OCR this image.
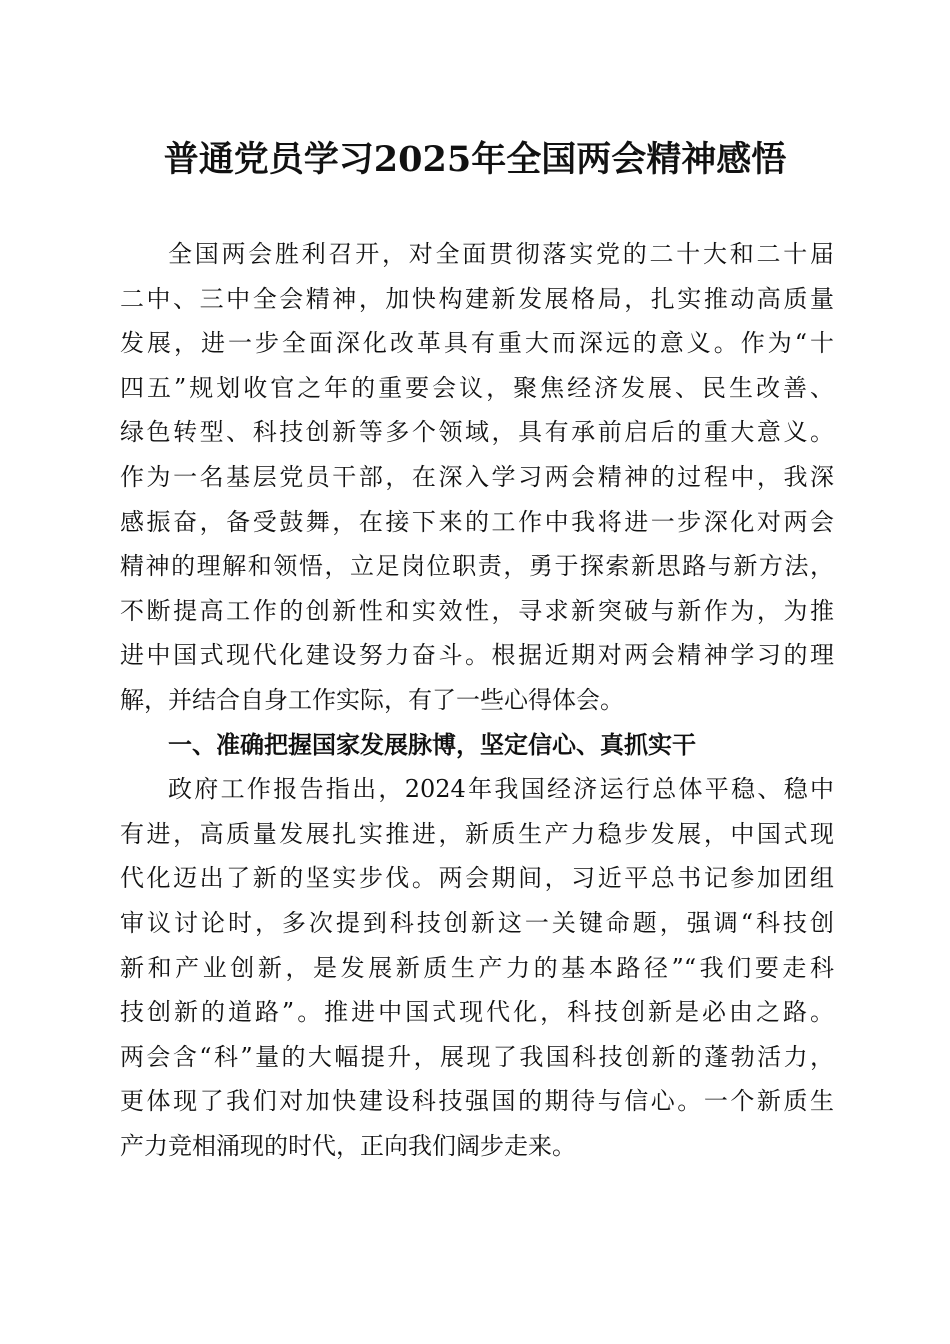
普通党员学习2025年全国两会精神感悟
全国两会胜利召开，对全面贯彻落实党的二十大和二十届
二中、三中全会精神，加快构建新发展格局，扎实推动高质量
发展，进一步全面深化改革具有重大而深远的意义。作为“十
四五”规划收官之年的重要会议，聚焦经济发展、民生改善、
绿色转型、科技创新等多个领域，具有承前启后的重大意义。
作为一名基层党员干部，在深入学习两会精神的过程中，我深
感振奋，备受鼓舞，在接下来的工作中我将进一步深化对两会
精神的理解和领悟，立足岗位职责，勇于探索新思路与新方法，
不断提高工作的创新性和实效性，寻求新突破与新作为，为推
进中国式现代化建设努力奋斗。根据近期对两会精神学习的理
解，并结合自身工作实际，有了一些心得体会。
一、准确把握国家发展脉博，坚定信心、真抓实干
政府工作报告指出，2024年我国经济运行总体平稳、稳中
有进，高质量发展扎实推进，新质生产力稳步发展，中国式现
代化迈出了新的坚实步伐。两会期间，习近平总书记参加团组
审议讨论时，多次提到科技创新这一关键命题，强调“科技创
新和产业创新，是发展新质生产力的基本路径”“我们要走科
技创新的道路”。推进中国式现代化，科技创新是必由之路。
两会含“科”量的大幅提升，展现了我国科技创新的蓬勃活力，
更体现了我们对加快建设科技强国的期待与信心。一个新质生
产力竞相涌现的时代，正向我们阔步走来。
